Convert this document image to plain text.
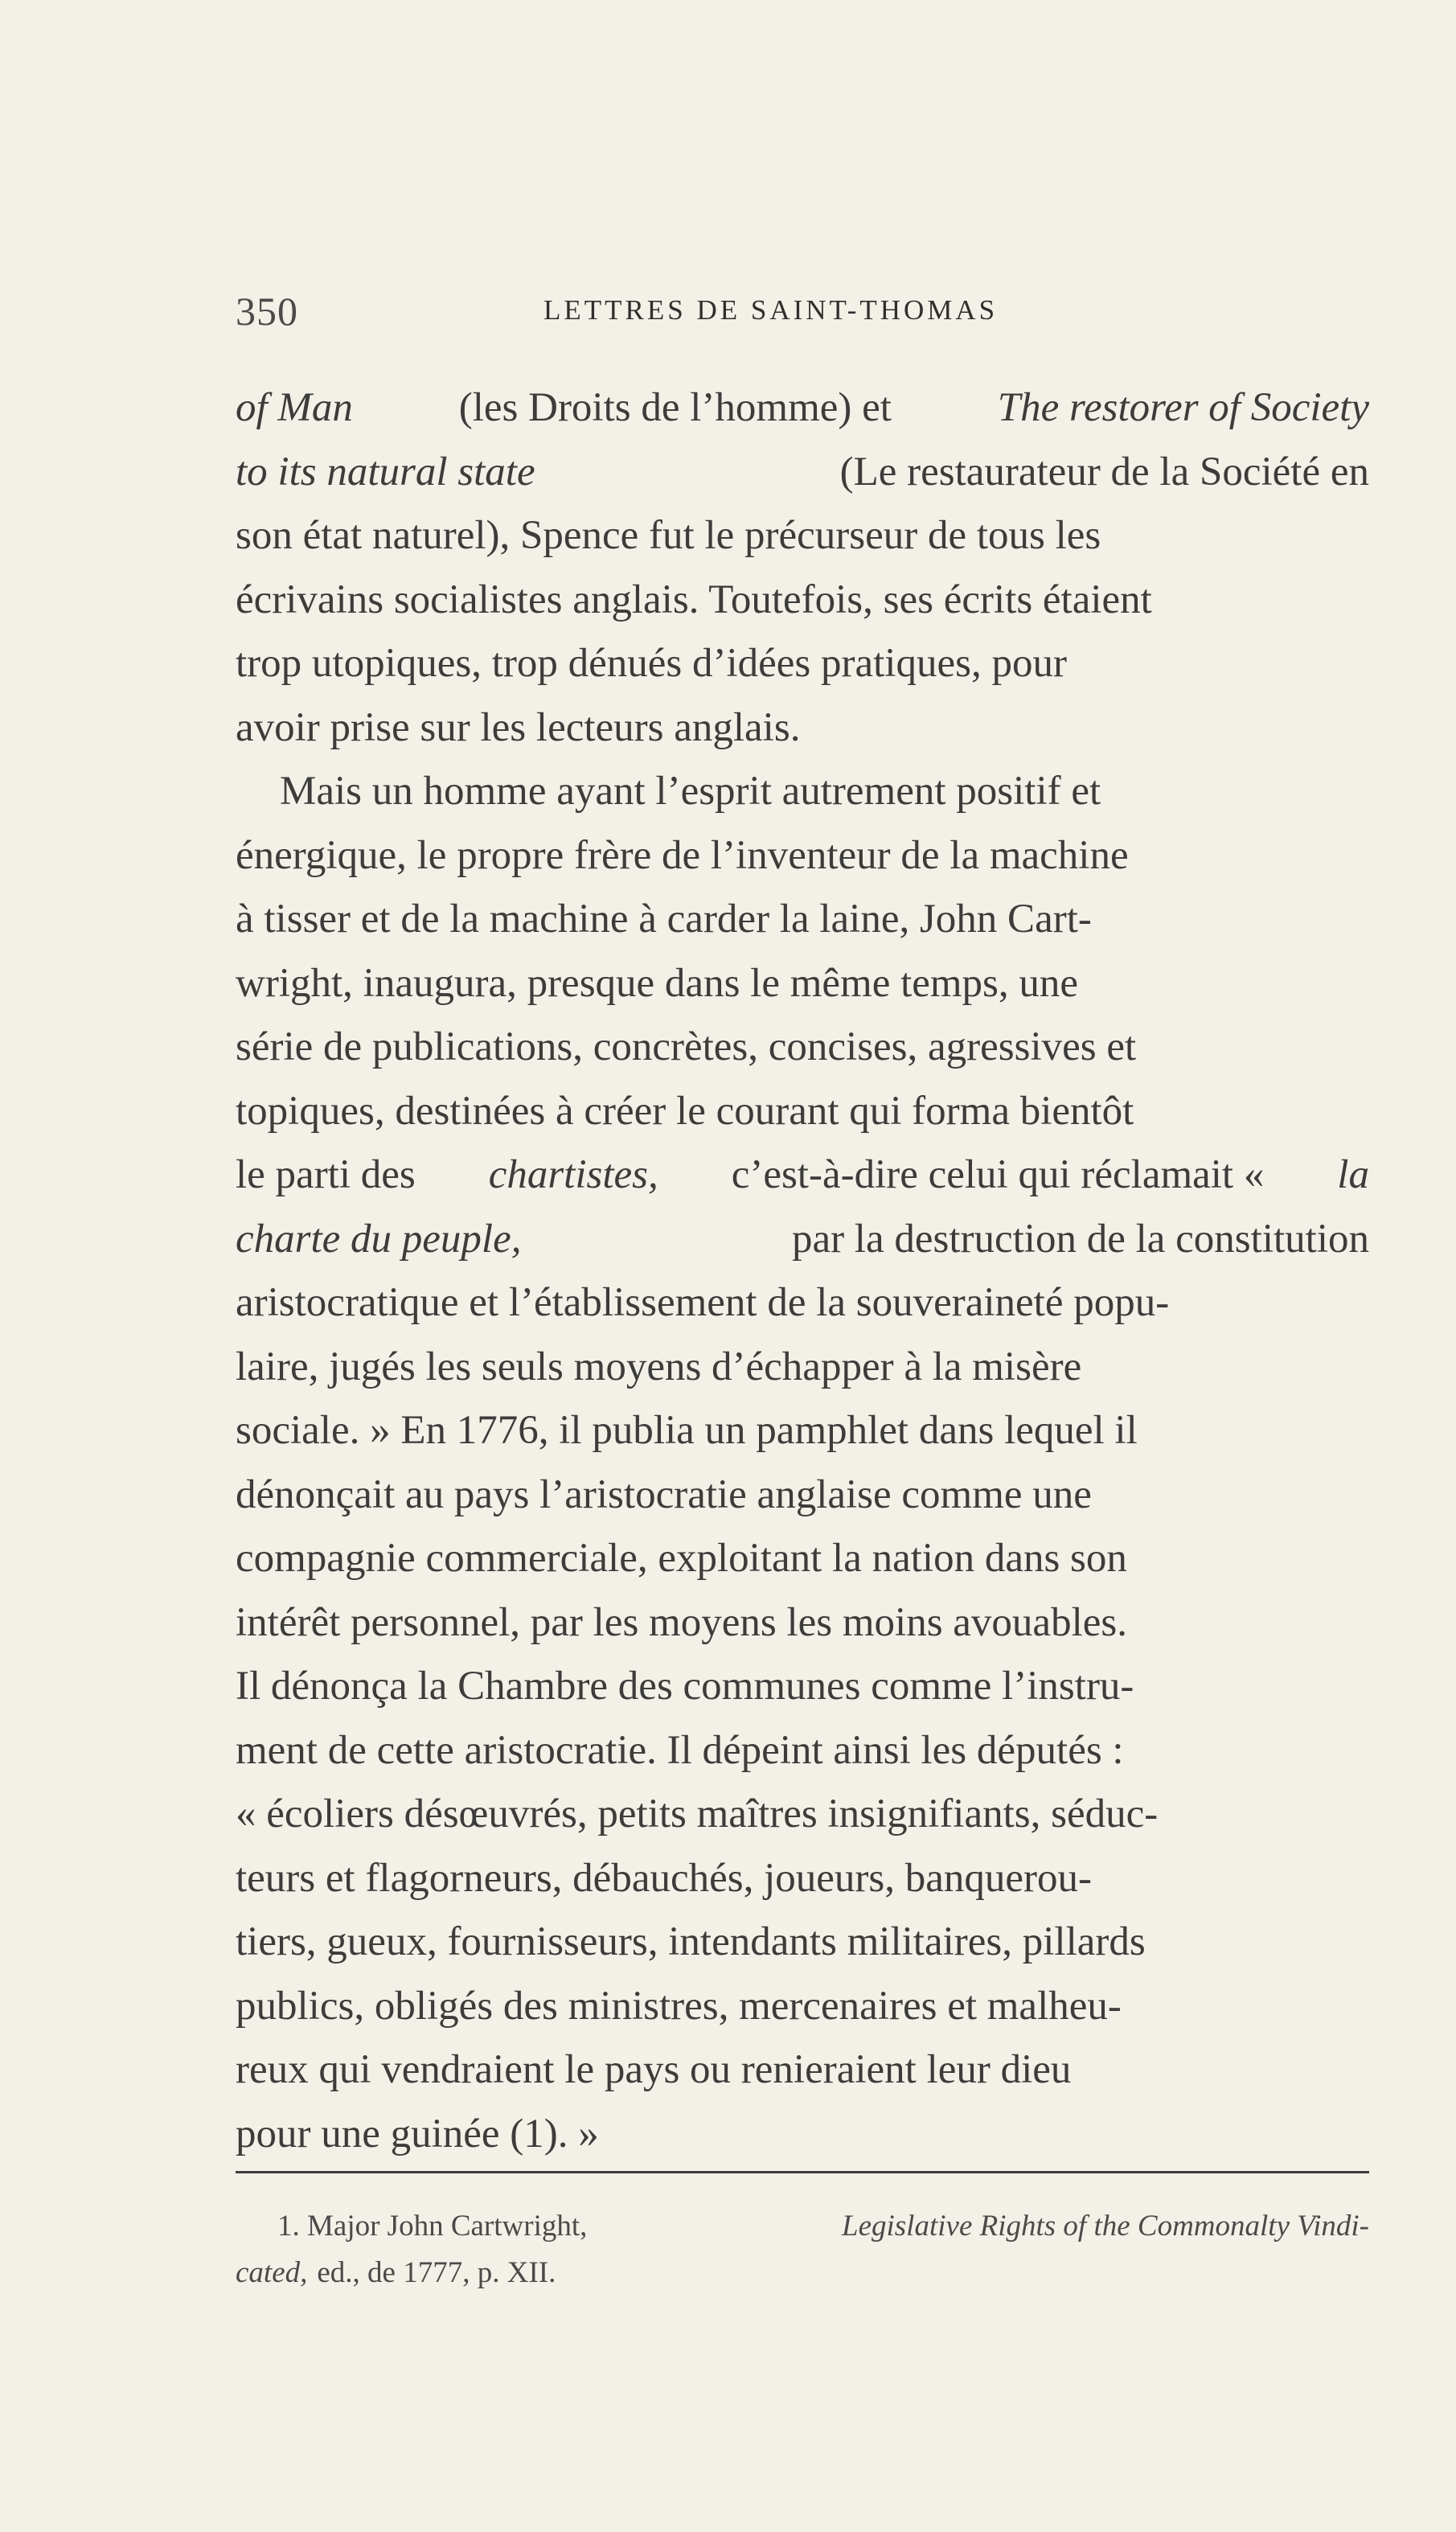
350	LETTRES DE SAINT-THOMAS
of Man	(les Droits de l’homme) et	The restorer of Society
to its natural state	(Le restaurateur de la Société en
son état naturel), Spence fut le précurseur de tous les
écrivains socialistes anglais. Toutefois, ses écrits étaient
trop utopiques, trop dénués d’idées pratiques, pour
avoir prise sur les lecteurs anglais.
Mais un homme ayant l’esprit autrement positif et
énergique, le propre frère de l’inventeur de la machine
à tisser et de la machine à carder la laine, John Cart-
wright, inaugura, presque dans le même temps, une
série de publications, concrètes, concises, agressives et
topiques, destinées à créer le courant qui forma bientôt
le parti des chartistes, c’est-à-dire celui qui réclamait « la
charte du peuple,	par la destruction de la constitution
aristocratique et l’établissement de la souveraineté popu-
laire, jugés les seuls moyens d’échapper à la misère
sociale. » En 1776, il publia un pamphlet dans lequel il
dénonçait au pays l’aristocratie anglaise comme une
compagnie commerciale, exploitant la nation dans son
intérêt personnel, par les moyens les moins avouables.
Il dénonça la Chambre des communes comme l’instru-
ment de cette aristocratie. Il dépeint ainsi les députés :
« écoliers désœuvrés, petits maîtres insignifiants, séduc-
teurs et flagorneurs, débauchés, joueurs, banquerou-
tiers, gueux, fournisseurs, intendants militaires, pillards
publics, obligés des ministres, mercenaires et malheu-
reux qui vendraient le pays ou renieraient leur dieu
pour une guinée (1). »
1. Major John Cartwright,	Legislative Rights of the Commonalty Vindi-
cated, ed., de 1777, p. XII.
